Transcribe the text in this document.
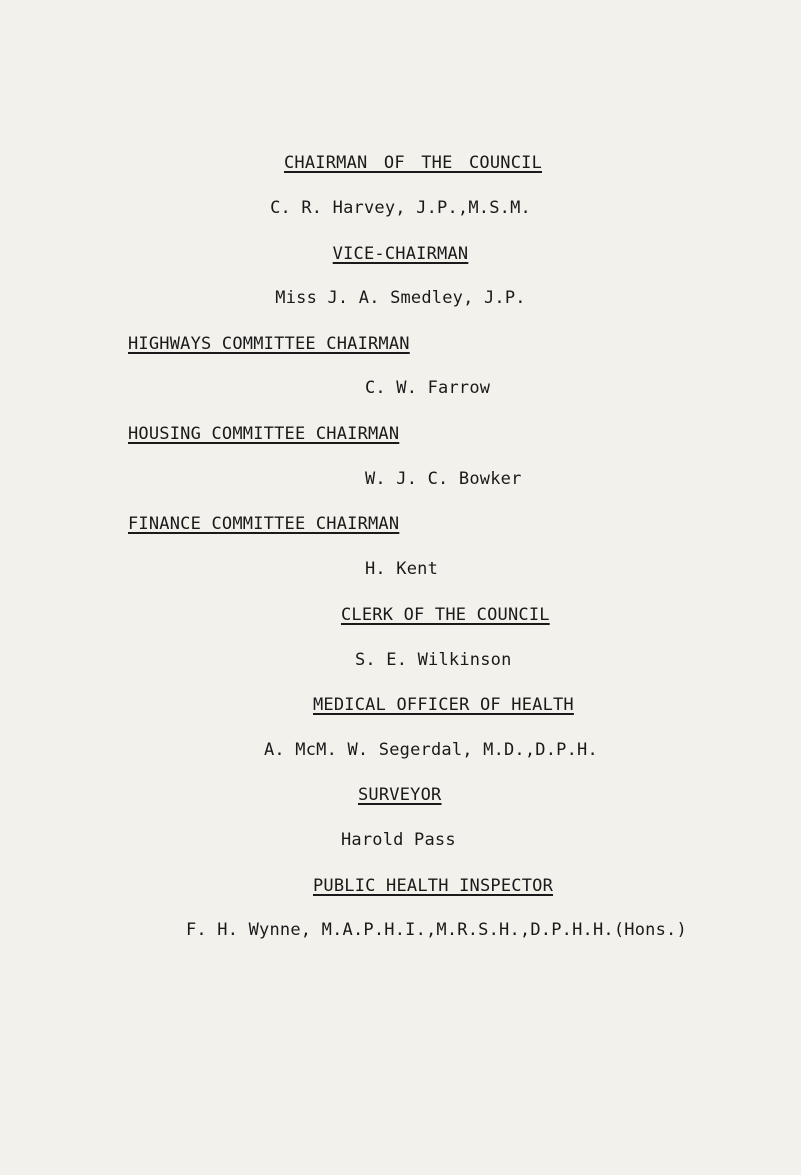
CHAIRMAN OF THE COUNCIL
C. R. Harvey, J.P.,M.S.M.
VICE-CHAIRMAN
Miss J. A. Smedley, J.P.
HIGHWAYS COMMITTEE CHAIRMAN
C. W. Farrow
HOUSING COMMITTEE CHAIRMAN
W. J. C. Bowker
FINANCE COMMITTEE CHAIRMAN
H. Kent
CLERK OF THE COUNCIL
S. E. Wilkinson
MEDICAL OFFICER OF HEALTH
A. McM. W. Segerdal, M.D.,D.P.H.
SURVEYOR
Harold Pass
PUBLIC HEALTH INSPECTOR
F. H. Wynne, M.A.P.H.I.,M.R.S.H.,D.P.H.H.(Hons.)
